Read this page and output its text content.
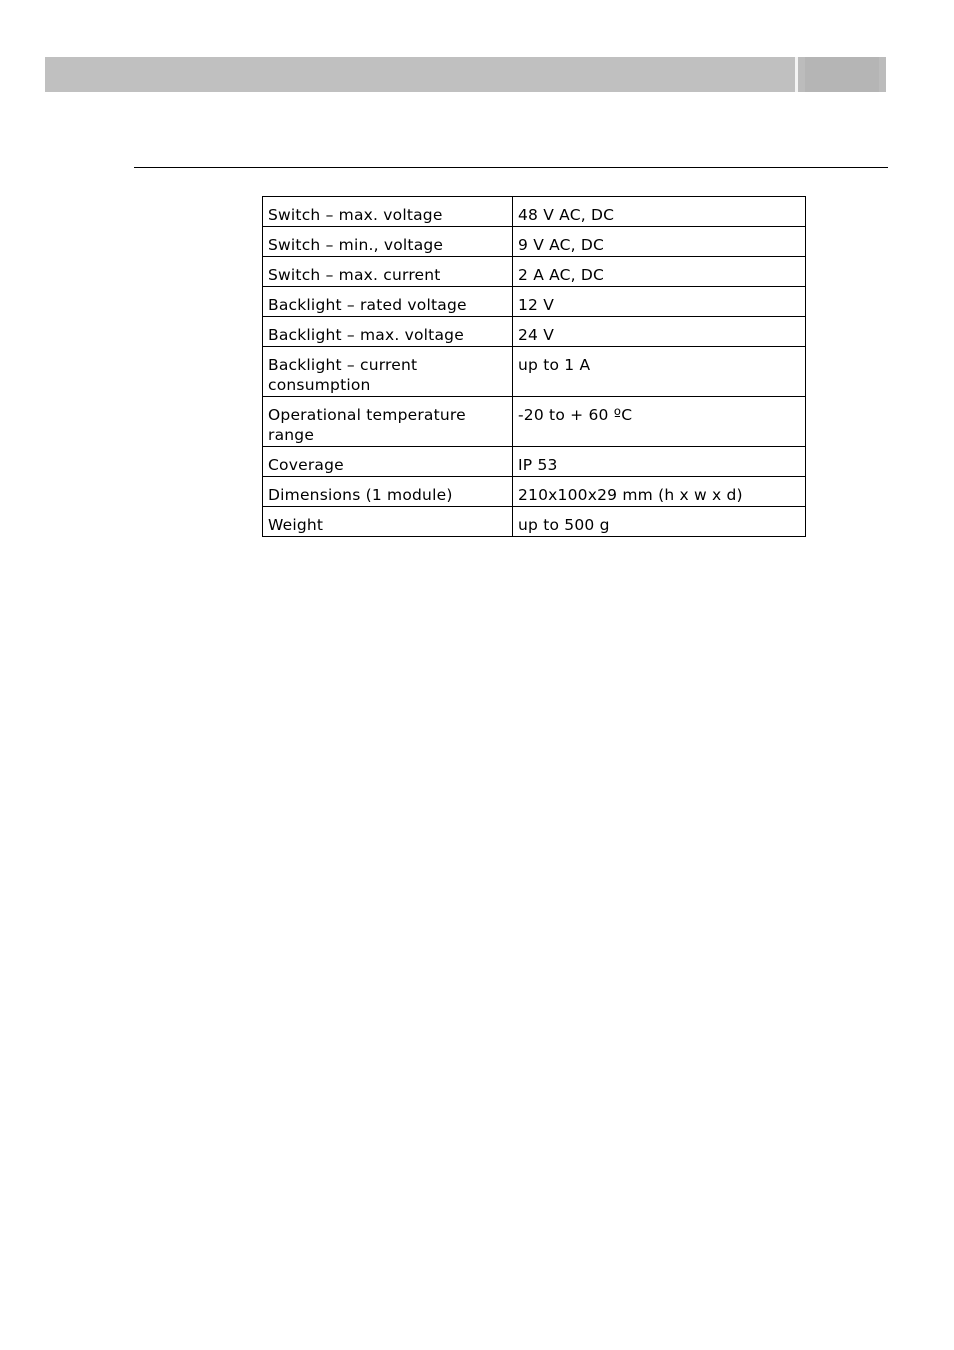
Switch – max. voltage	48 V AC, DC
Switch – min., voltage	9 V AC, DC
Switch – max. current	2 A AC, DC
Backlight – rated voltage	12 V
Backlight – max. voltage	24 V
Backlight – current consumption	up to 1 A
Operational temperature range	-20 to + 60 ºC
Coverage	IP 53
Dimensions (1 module)	210x100x29 mm (h x w x d)
Weight	up to 500 g
